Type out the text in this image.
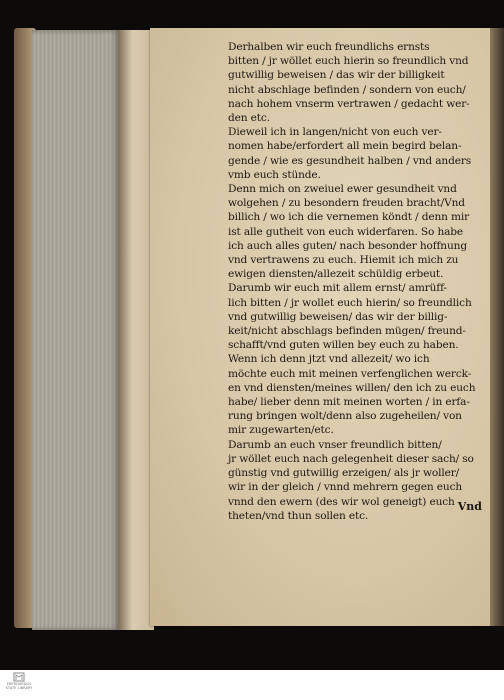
Derhalben wir euch freundlichs ernsts
bitten / jr wöllet euch hierin so freundlich vnd
gutwillig beweisen / das wir der billigkeit
nicht abschlage befinden / sondern von euch/
nach hohem vnserm vertrawen / gedacht wer-
den etc.
Dieweil ich in langen/nicht von euch ver-
nomen habe/erfordert all mein begird belan-
gende / wie es gesundheit halben / vnd anders
vmb euch stünde.
Denn mich on zweiuel ewer gesundheit vnd
wolgehen / zu besondern freuden bracht/Vnd
billich / wo ich die vernemen köndt / denn mir
ist alle gutheit von euch widerfaren. So habe
ich auch alles guten/ nach besonder hoffnung
vnd vertrawens zu euch. Hiemit ich mich zu
ewigen diensten/allezeit schüldig erbeut.
Darumb wir euch mit allem ernst/ amrüff-
lich bitten / jr wollet euch hierin/ so freundlich
vnd gutwillig beweisen/ das wir der billig-
keit/nicht abschlags befinden mügen/ freund-
schafft/vnd guten willen bey euch zu haben.
Wenn ich denn jtzt vnd allezeit/ wo ich
möchte euch mit meinen verfenglichen werck-
en vnd diensten/meines willen/ den ich zu euch
habe/ lieber denn mit meinen worten / in erfa-
rung bringen wolt/denn also zugeheilen/ von
mir zugewarten/etc.
Darumb an euch vnser freundlich bitten/
jr wöllet euch nach gelegenheit dieser sach/ so
günstig vnd gutwillig erzeigen/ als jr woller/
wir in der gleich / vnnd mehrern gegen euch
vnnd den ewern (des wir wol geneigt) euch
theten/vnd thun sollen etc.
Vnd
EBERHARDUS STATE LIBRARY
